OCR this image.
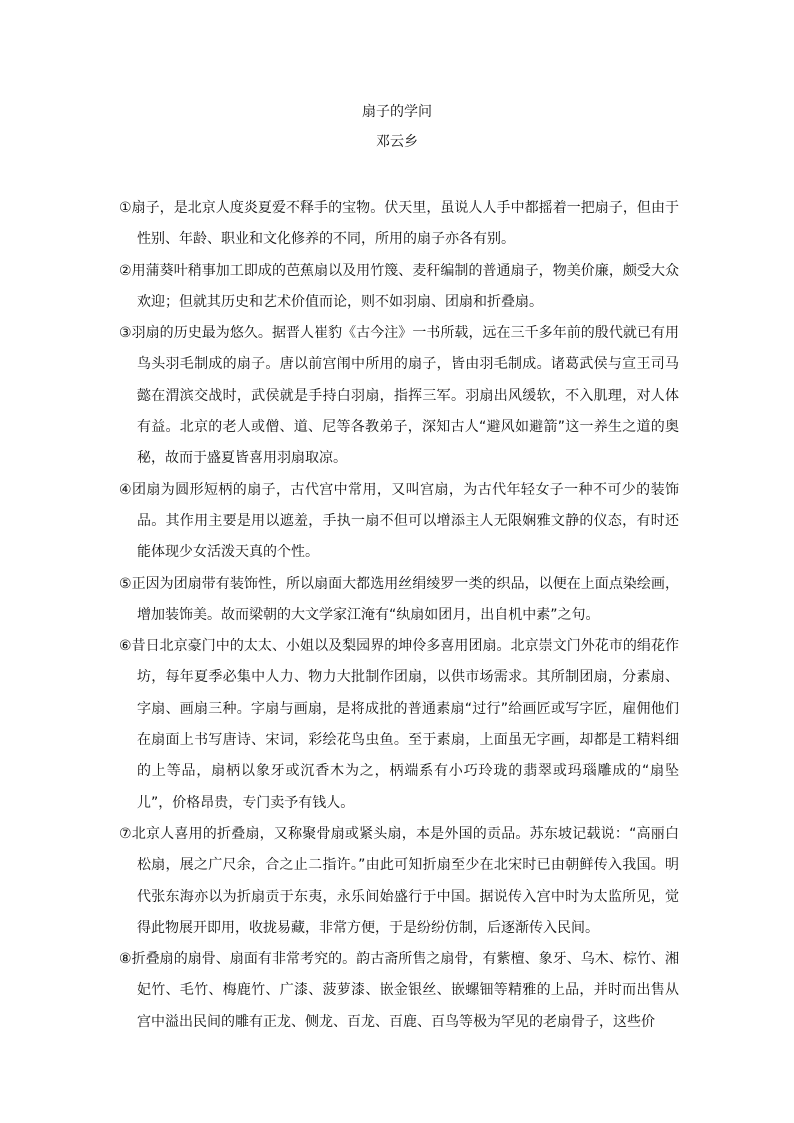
扇子的学问
邓云乡

①扇子，是北京人度炎夏爱不释手的宝物。伏天里，虽说人人手中都摇着一把扇子，但由于性别、年龄、职业和文化修养的不同，所用的扇子亦各有别。

②用蒲葵叶稍事加工即成的芭蕉扇以及用竹篾、麦秆编制的普通扇子，物美价廉，颇受大众欢迎；但就其历史和艺术价值而论，则不如羽扇、团扇和折叠扇。

③羽扇的历史最为悠久。据晋人崔豹《古今注》一书所载，远在三千多年前的殷代就已有用鸟头羽毛制成的扇子。唐以前宫闱中所用的扇子，皆由羽毛制成。诸葛武侯与宣王司马懿在渭滨交战时，武侯就是手持白羽扇，指挥三军。羽扇出风缓软，不入肌理，对人体有益。北京的老人或僧、道、尼等各教弟子，深知古人“避风如避箭”这一养生之道的奥秘，故而于盛夏皆喜用羽扇取凉。

④团扇为圆形短柄的扇子，古代宫中常用，又叫宫扇，为古代年轻女子一种不可少的装饰品。其作用主要是用以遮羞，手执一扇不但可以增添主人无限娴雅文静的仪态，有时还能体现少女活泼天真的个性。

⑤正因为团扇带有装饰性，所以扇面大都选用丝绢绫罗一类的织品，以便在上面点染绘画，增加装饰美。故而梁朝的大文学家江淹有“纨扇如团月，出自机中素”之句。

⑥昔日北京豪门中的太太、小姐以及梨园界的坤伶多喜用团扇。北京崇文门外花市的绢花作坊，每年夏季必集中人力、物力大批制作团扇，以供市场需求。其所制团扇，分素扇、字扇、画扇三种。字扇与画扇，是将成批的普通素扇“过行”给画匠或写字匠，雇佣他们在扇面上书写唐诗、宋词，彩绘花鸟虫鱼。至于素扇，上面虽无字画，却都是工精料细的上等品，扇柄以象牙或沉香木为之，柄端系有小巧玲珑的翡翠或玛瑙雕成的“扇坠儿”，价格昂贵，专门卖予有钱人。

⑦北京人喜用的折叠扇，又称聚骨扇或紧头扇，本是外国的贡品。苏东坡记载说：“高丽白松扇，展之广尺余，合之止二指许。”由此可知折扇至少在北宋时已由朝鲜传入我国。明代张东海亦以为折扇贡于东夷，永乐间始盛行于中国。据说传入宫中时为太监所见，觉得此物展开即用，收拢易藏，非常方便，于是纷纷仿制，后逐渐传入民间。

⑧折叠扇的扇骨、扇面有非常考究的。韵古斋所售之扇骨，有紫檀、象牙、乌木、棕竹、湘妃竹、毛竹、梅鹿竹、广漆、菠萝漆、嵌金银丝、嵌螺钿等精雅的上品，并时而出售从宫中溢出民间的雕有正龙、侧龙、百龙、百鹿、百鸟等极为罕见的老扇骨子，这些价
